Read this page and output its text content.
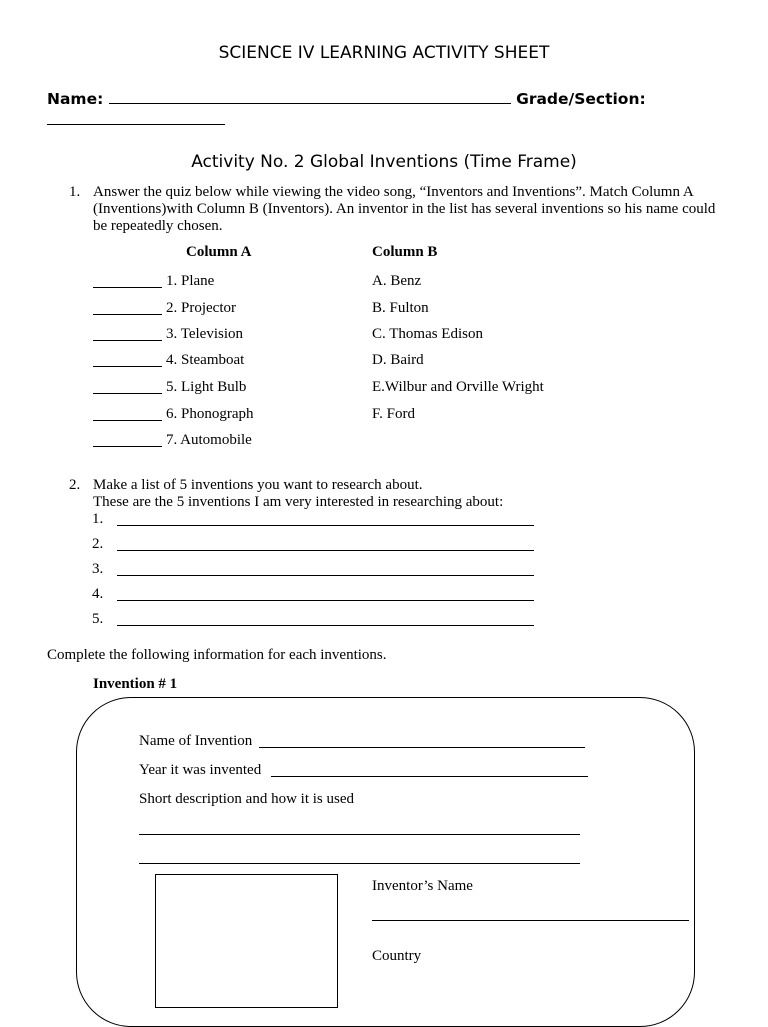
SCIENCE IV LEARNING ACTIVITY SHEET
Name:	Grade/Section:
Activity No. 2 Global Inventions (Time Frame)
1. Answer the quiz below while viewing the video song, “Inventors and Inventions”. Match Column A (Inventions)with Column B (Inventors). An inventor in the list has several inventions so his name could be repeatedly chosen.
Column A	Column B
1. Plane
2. Projector
3. Television
4. Steamboat
5. Light Bulb
6. Phonograph
7. Automobile
A. Benz
B. Fulton
C. Thomas Edison
D. Baird
E.Wilbur and Orville Wright
F. Ford
2. Make a list of 5 inventions you want to research about.
These are the 5 inventions I am very interested in researching about:
1.
2.
3.
4.
5.
Complete the following information for each inventions.
Invention # 1
Name of Invention
Year it was invented
Short description and how it is used
Inventor’s Name
Country
